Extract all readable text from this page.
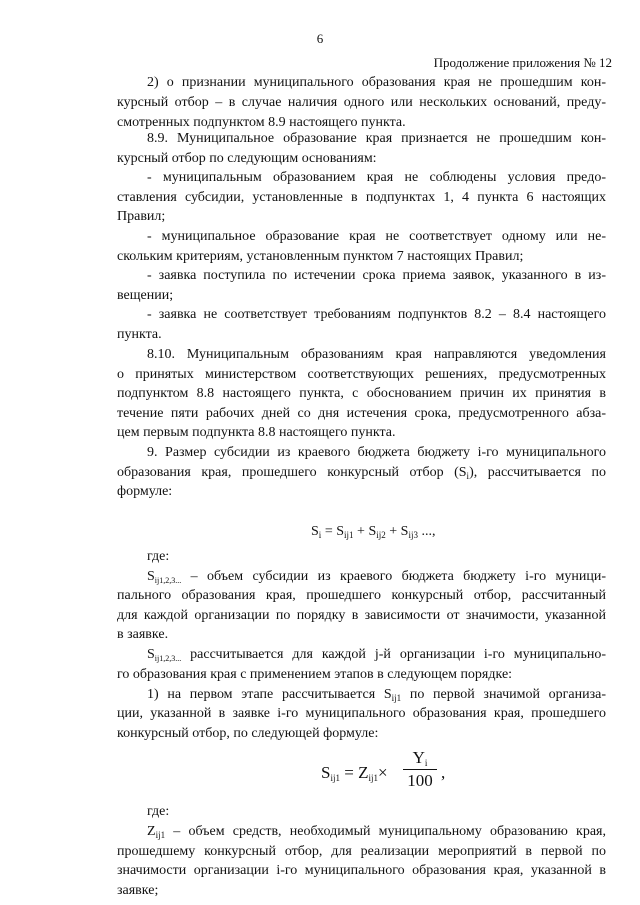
6
Продолжение приложения № 12
2) о признании муниципального образования края не прошедшим кон-
курсный отбор – в случае наличия одного или нескольких оснований, преду-
смотренных подпунктом 8.9 настоящего пункта.
8.9. Муниципальное образование края признается не прошедшим кон-
курсный отбор по следующим основаниям:
- муниципальным образованием края не соблюдены условия предо-
ставления субсидии, установленные в подпунктах 1, 4 пункта 6 настоящих
Правил;
- муниципальное образование края не соответствует одному или не-
скольким критериям, установленным пунктом 7 настоящих Правил;
- заявка поступила по истечении срока приема заявок, указанного в из-
вещении;
- заявка не соответствует требованиям подпунктов 8.2 – 8.4 настоящего
пункта.
8.10. Муниципальным образованиям края направляются уведомления
о принятых министерством соответствующих решениях, предусмотренных
подпунктом 8.8 настоящего пункта, с обоснованием причин их принятия в
течение пяти рабочих дней со дня истечения срока, предусмотренного абза-
цем первым подпункта 8.8 настоящего пункта.
9. Размер субсидии из краевого бюджета бюджету i-го муниципального
образования края, прошедшего конкурсный отбор $(S_i)$, рассчитывается по
формуле:
$S_i = S_{ij1} + S_{ij2} + S_{ij3}$ ...,
где:
$S_{ij1,2,3...}$ – объем субсидии из краевого бюджета бюджету i-го муници-
пального образования края, прошедшего конкурсный отбор, рассчитанный
для каждой организации по порядку в зависимости от значимости, указанной
в заявке.
$S_{ij1,2,3...}$ рассчитывается для каждой j-й организации i-го муниципально-
го образования края с применением этапов в следующем порядке:
1) на первом этапе рассчитывается $S_{ij1}$ по первой значимой организа-
ции, указанной в заявке i-го муниципального образования края, прошедшего
конкурсный отбор, по следующей формуле:
$S_{ij1} = Z_{ij1}\times$
$Y_i$
100 ,
где:
$Z_{ij1}$ – объем средств, необходимый муниципальному образованию края,
прошедшему конкурсный отбор, для реализации мероприятий в первой по
значимости организации i-го муниципального образования края, указанной в
заявке;
